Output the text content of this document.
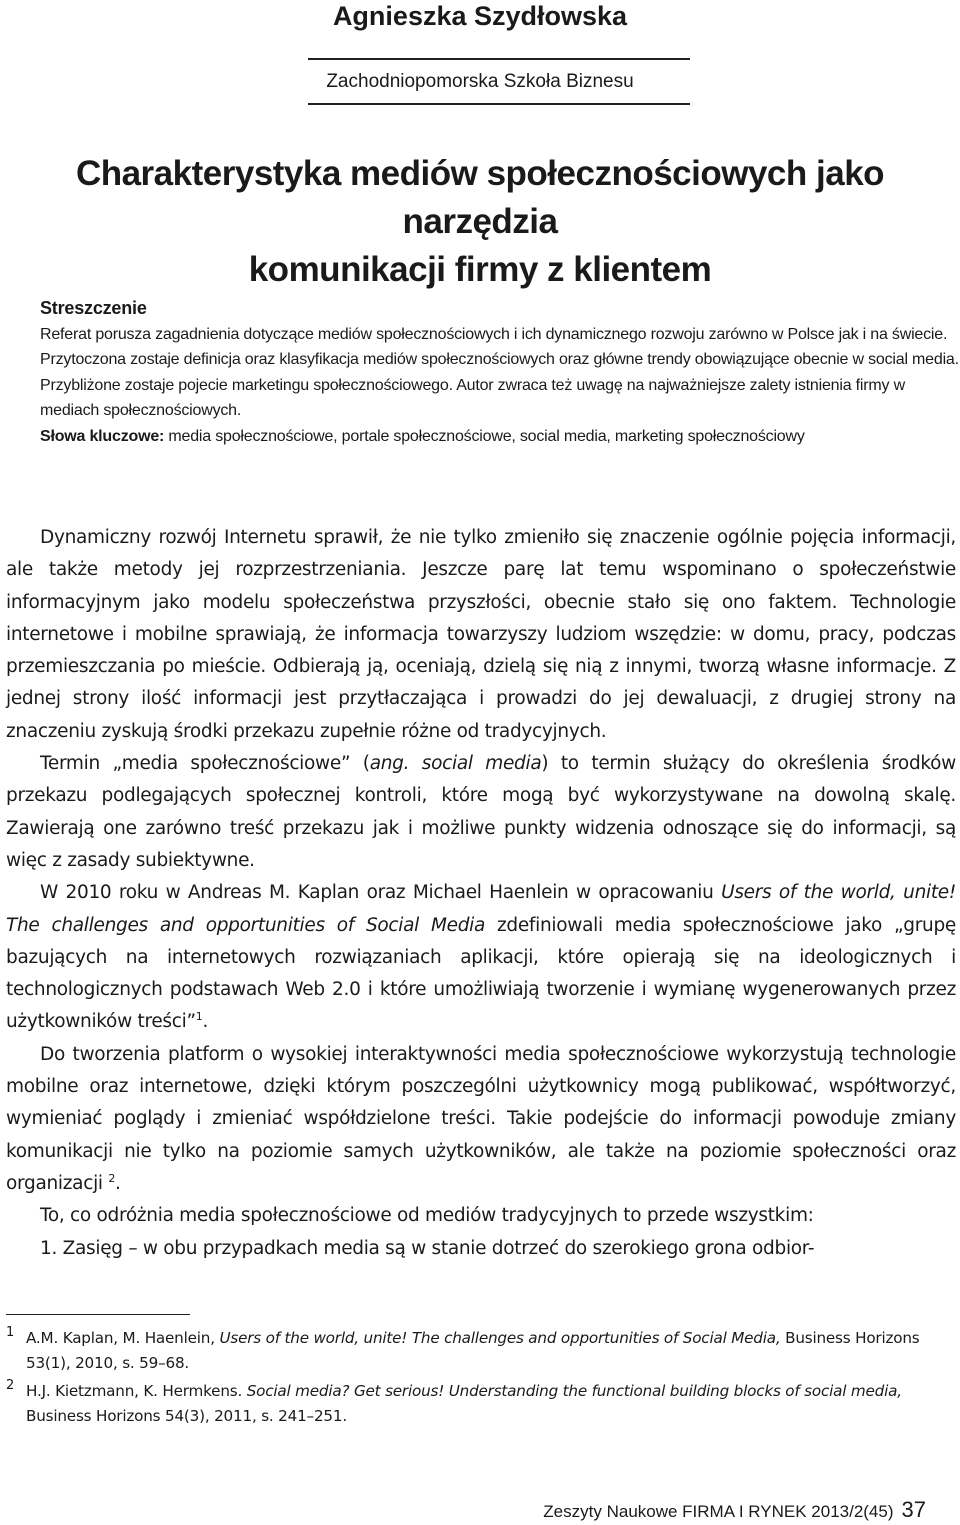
Agnieszka Szydłowska
Zachodniopomorska Szkoła Biznesu
Charakterystyka mediów społecznościowych jako narzędzia
komunikacji firmy z klientem

Streszczenie

Referat porusza zagadnienia dotyczące mediów społecznościowych i ich dynamicznego rozwoju zarówno w Polsce jak i na świecie. Przytoczona zostaje definicja oraz klasyfikacja mediów społecznościowych oraz główne trendy obowiązujące obecnie w social media. Przybliżone zostaje pojecie marketingu społecznościowego. Autor zwraca też uwagę na najważniejsze zalety istnienia firmy w mediach społecznościowych.

Słowa kluczowe: media społecznościowe, portale społecznościowe, social media, marketing społecznościowy

Dynamiczny rozwój Internetu sprawił, że nie tylko zmieniło się znaczenie ogólnie pojęcia informacji, ale także metody jej rozprzestrzeniania. Jeszcze parę lat temu wspominano o społeczeństwie informacyjnym jako modelu społeczeństwa przyszłości, obecnie stało się ono faktem. Technologie internetowe i mobilne sprawiają, że informacja towarzyszy ludziom wszędzie: w domu, pracy, podczas przemieszczania po mieście. Odbierają ją, oceniają, dzielą się nią z innymi, tworzą własne informacje. Z jednej strony ilość informacji jest przytłaczająca i prowadzi do jej dewaluacji, z drugiej strony na znaczeniu zyskują środki przekazu zupełnie różne od tradycyjnych.

Termin „media społecznościowe” (ang. social media) to termin służący do określenia środków przekazu podlegających społecznej kontroli, które mogą być wykorzystywane na dowolną skalę. Zawierają one zarówno treść przekazu jak i możliwe punkty widzenia odnoszące się do informacji, są więc z zasady subiektywne.

W 2010 roku w Andreas M. Kaplan oraz Michael Haenlein w opracowaniu Users of the world, unite! The challenges and opportunities of Social Media zdefiniowali media społecznościowe jako „grupę bazujących na internetowych rozwiązaniach aplikacji, które opierają się na ideologicznych i technologicznych podstawach Web 2.0 i które umożliwiają tworzenie i wymianę wygenerowanych przez użytkowników treści”$^1$.

Do tworzenia platform o wysokiej interaktywności media społecznościowe wykorzystują technologie mobilne oraz internetowe, dzięki którym poszczególni użytkownicy mogą publikować, współtworzyć, wymieniać poglądy i zmieniać współdzielone treści. Takie podejście do informacji powoduje zmiany komunikacji nie tylko na poziomie samych użytkowników, ale także na poziomie społeczności oraz organizacji $^2$.

To, co odróżnia media społecznościowe od mediów tradycyjnych to przede wszystkim:

1. Zasięg – w obu przypadkach media są w stanie dotrzeć do szerokiego grona odbior-

1 A.M. Kaplan, M. Haenlein, Users of the world, unite! The challenges and opportunities of Social Media, Business Horizons 53(1), 2010, s. 59–68.

2 H.J. Kietzmann, K. Hermkens. Social media? Get serious! Understanding the functional building blocks of social media, Business Horizons 54(3), 2011, s. 241–251.

Zeszyty Naukowe FIRMA I RYNEK 2013/2(45) 37
